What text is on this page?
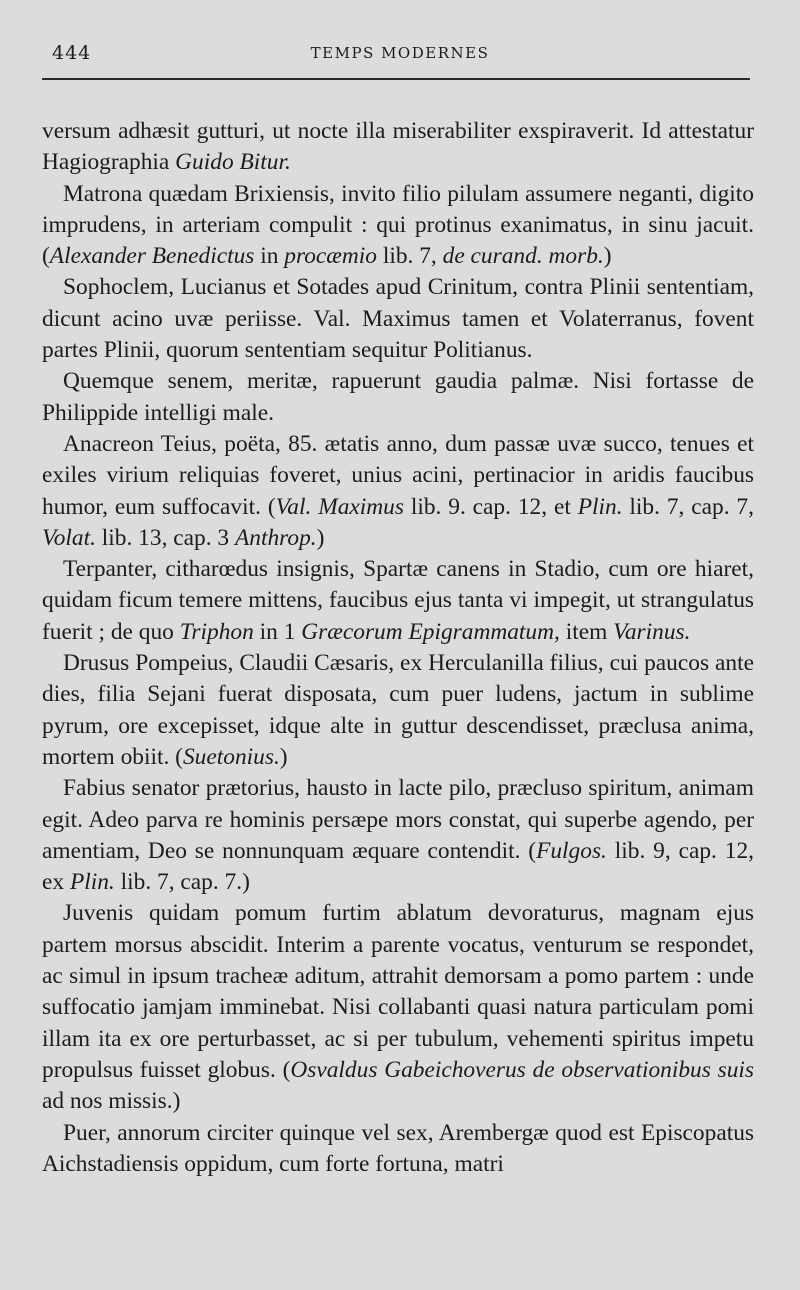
444	TEMPS MODERNES

versum adhæsit gutturi, ut nocte illa miserabiliter exspiraverit. Id attestatur Hagiographia Guido Bitur.

Matrona quædam Brixiensis, invito filio pilulam assumere neganti, digito imprudens, in arteriam compulit : qui protinus exanimatus, in sinu jacuit. (Alexander Benedictus in procæmio lib. 7, de curand. morb.)

Sophoclem, Lucianus et Sotades apud Crinitum, contra Plinii sententiam, dicunt acino uvæ periisse. Val. Maximus tamen et Volaterranus, fovent partes Plinii, quorum sententiam sequitur Politianus.

Quemque senem, meritæ, rapuerunt gaudia palmæ. Nisi fortasse de Philippide intelligi male.

Anacreon Teius, poëta, 85. ætatis anno, dum passæ uvæ succo, tenues et exiles virium reliquias foveret, unius acini, pertinacior in aridis faucibus humor, eum suffocavit. (Val. Maximus lib. 9. cap. 12, et Plin. lib. 7, cap. 7, Volat. lib. 13, cap. 3 Anthrop.)

Terpanter, citharœdus insignis, Spartæ canens in Stadio, cum ore hiaret, quidam ficum temere mittens, faucibus ejus tanta vi impegit, ut strangulatus fuerit ; de quo Triphon in 1 Græcorum Epigrammatum, item Varinus.

Drusus Pompeius, Claudii Cæsaris, ex Herculanilla filius, cui paucos ante dies, filia Sejani fuerat disposata, cum puer ludens, jactum in sublime pyrum, ore excepisset, idque alte in guttur descendisset, præclusa anima, mortem obiit. (Suetonius.)

Fabius senator prætorius, hausto in lacte pilo, præcluso spiritum, animam egit. Adeo parva re hominis persæpe mors constat, qui superbe agendo, per amentiam, Deo se nonnunquam æquare contendit. (Fulgos. lib. 9, cap. 12, ex Plin. lib. 7, cap. 7.)

Juvenis quidam pomum furtim ablatum devoraturus, magnam ejus partem morsus abscidit. Interim a parente vocatus, venturum se respondet, ac simul in ipsum tracheæ aditum, attrahit demorsam a pomo partem : unde suffocatio jamjam imminebat. Nisi collabanti quasi natura particulam pomi illam ita ex ore perturbasset, ac si per tubulum, vehementi spiritus impetu propulsus fuisset globus. (Osvaldus Gabeichoverus de observationibus suis ad nos missis.)

Puer, annorum circiter quinque vel sex, Arembergæ quod est Episcopatus Aichstadiensis oppidum, cum forte fortuna, matri
